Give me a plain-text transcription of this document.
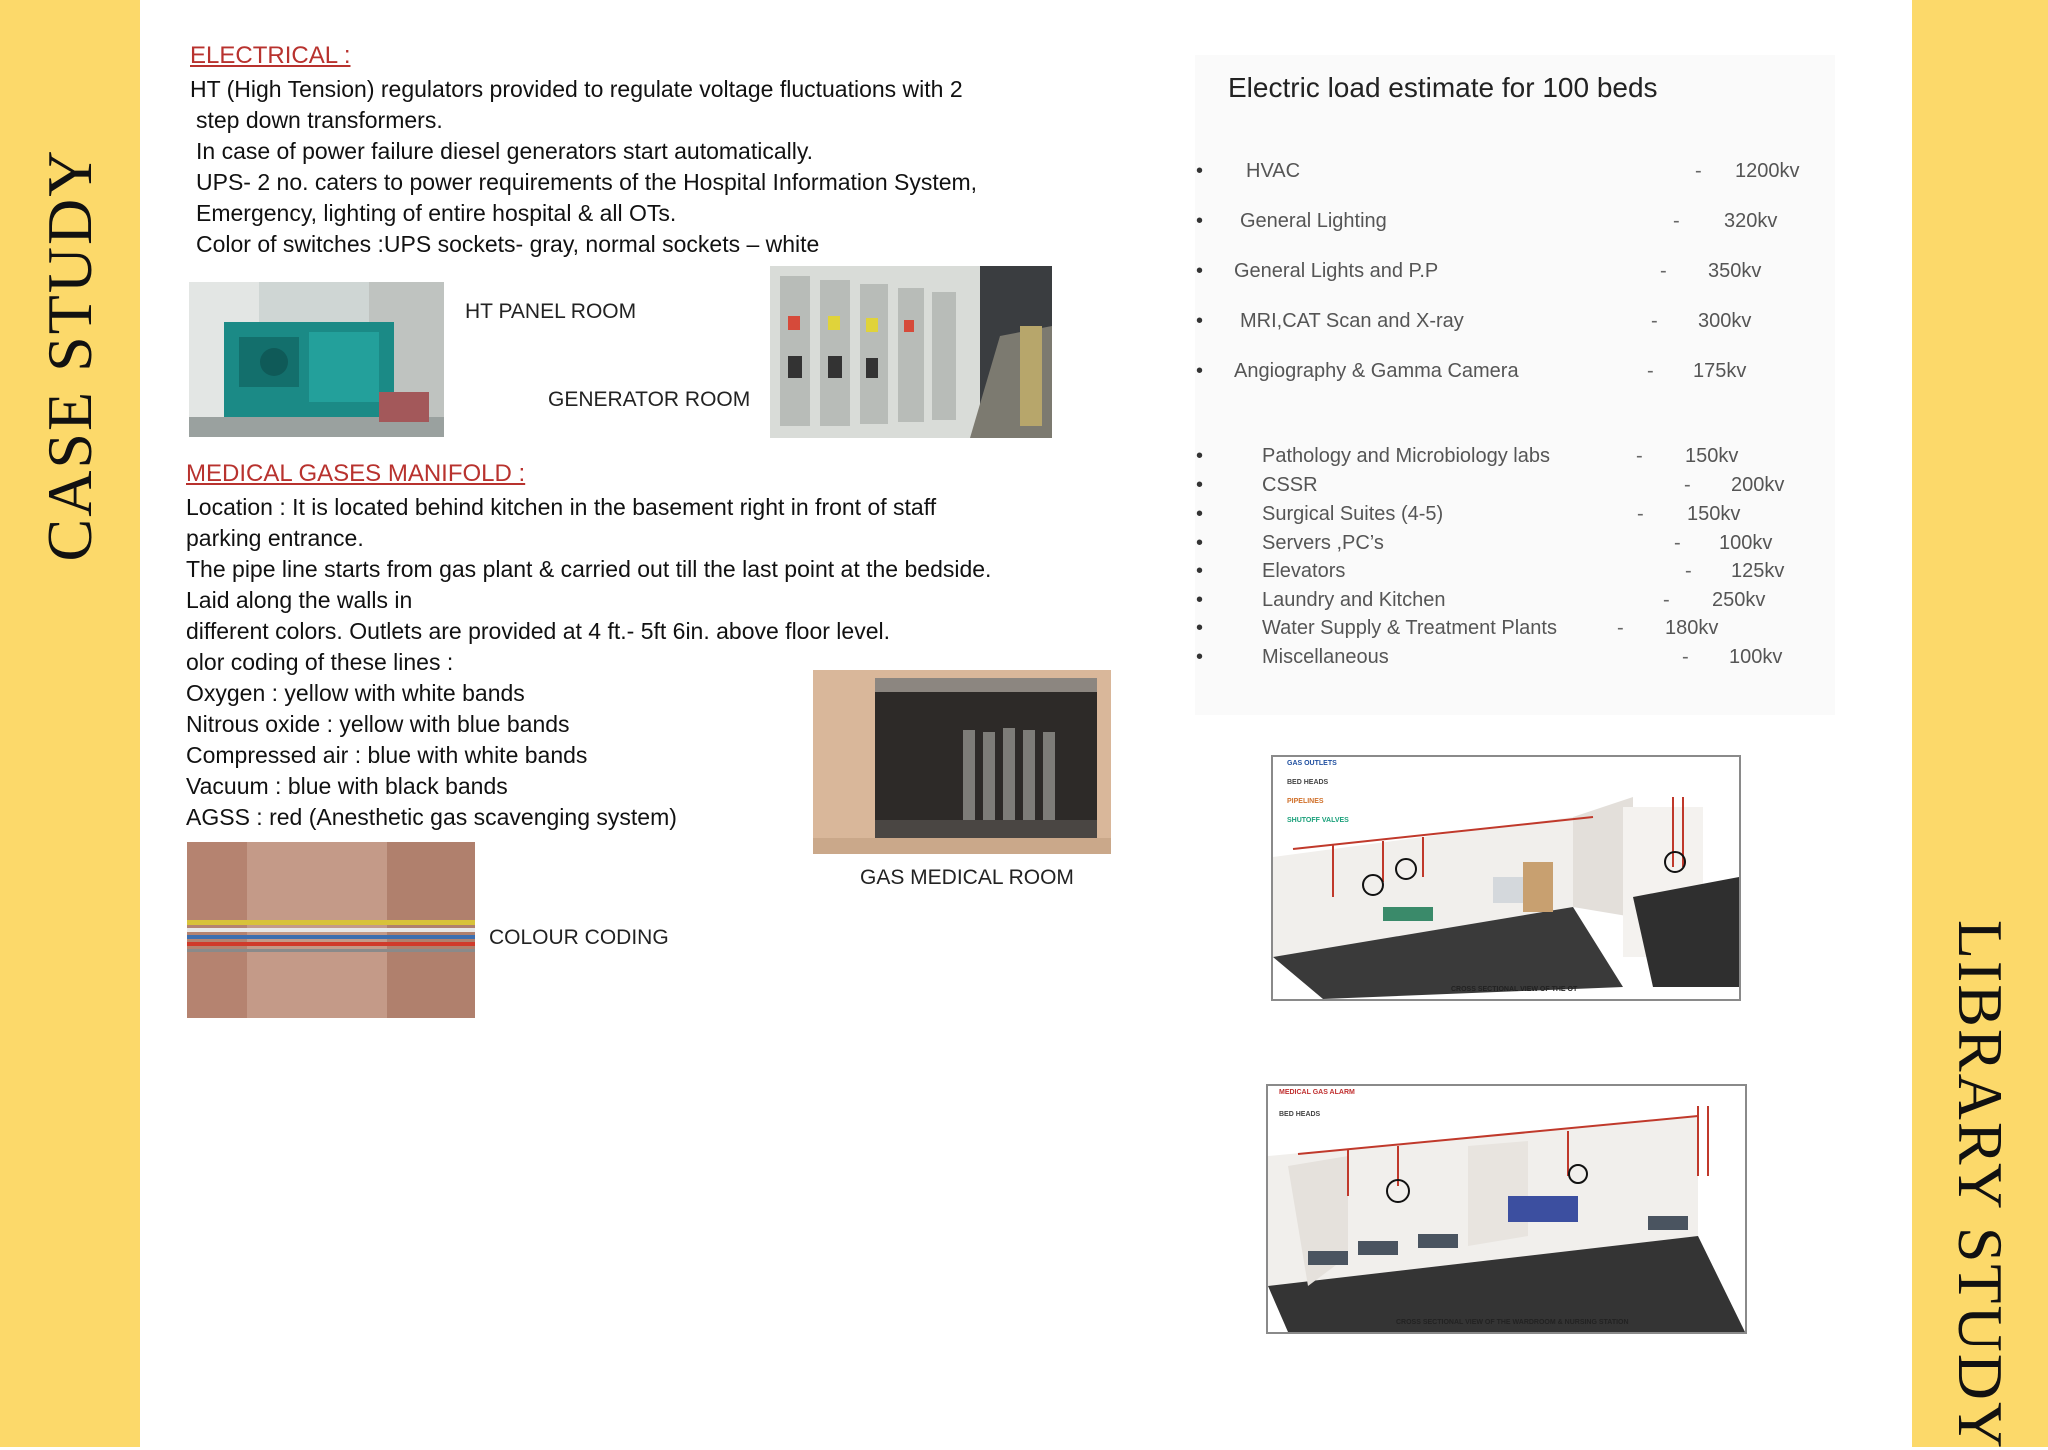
CASE STUDY
LIBRARY STUDY
ELECTRICAL :
HT (High Tension) regulators provided to regulate voltage fluctuations with 2
step down transformers.
In case of power failure diesel generators start automatically.
UPS- 2 no. caters to power requirements of the Hospital Information System,
Emergency, lighting of entire hospital & all OTs.
Color of switches :UPS sockets- gray, normal sockets – white
HT PANEL ROOM
GENERATOR ROOM
MEDICAL GASES MANIFOLD :
Location : It is located behind kitchen in the basement right in front of staff
parking entrance.
The pipe line starts from gas plant & carried out till the last point at the bedside.
Laid along the walls in
different colors. Outlets are provided at 4 ft.- 5ft 6in. above floor level.
olor coding of these lines :
Oxygen : yellow with white bands
Nitrous oxide : yellow with blue bands
Compressed air : blue with white bands
Vacuum : blue with black bands
AGSS : red (Anesthetic gas scavenging system)
GAS MEDICAL ROOM
COLOUR CODING
Electric load estimate for 100 beds
• HVAC	- 1200kv
• General Lighting	- 320kv
• General Lights and P.P	- 350kv
• MRI,CAT Scan and X-ray	- 300kv
• Angiography & Gamma Camera	- 175kv
•	Pathology and Microbiology labs	- 150kv
•	CSSR	- 200kv
•	Surgical Suites (4-5)	- 150kv
•	Servers ,PC’s	- 100kv
•	Elevators	- 125kv
•	Laundry and Kitchen	- 250kv
•	Water Supply & Treatment Plants	- 180kv
•	Miscellaneous	- 100kv
GAS OUTLETS
BED HEADS
PIPELINES
SHUTOFF VALVES
CROSS SECTIONAL VIEW OF THE OT
MEDICAL GAS ALARM
BED HEADS
CROSS SECTIONAL VIEW OF THE WARDROOM & NURSING STATION
